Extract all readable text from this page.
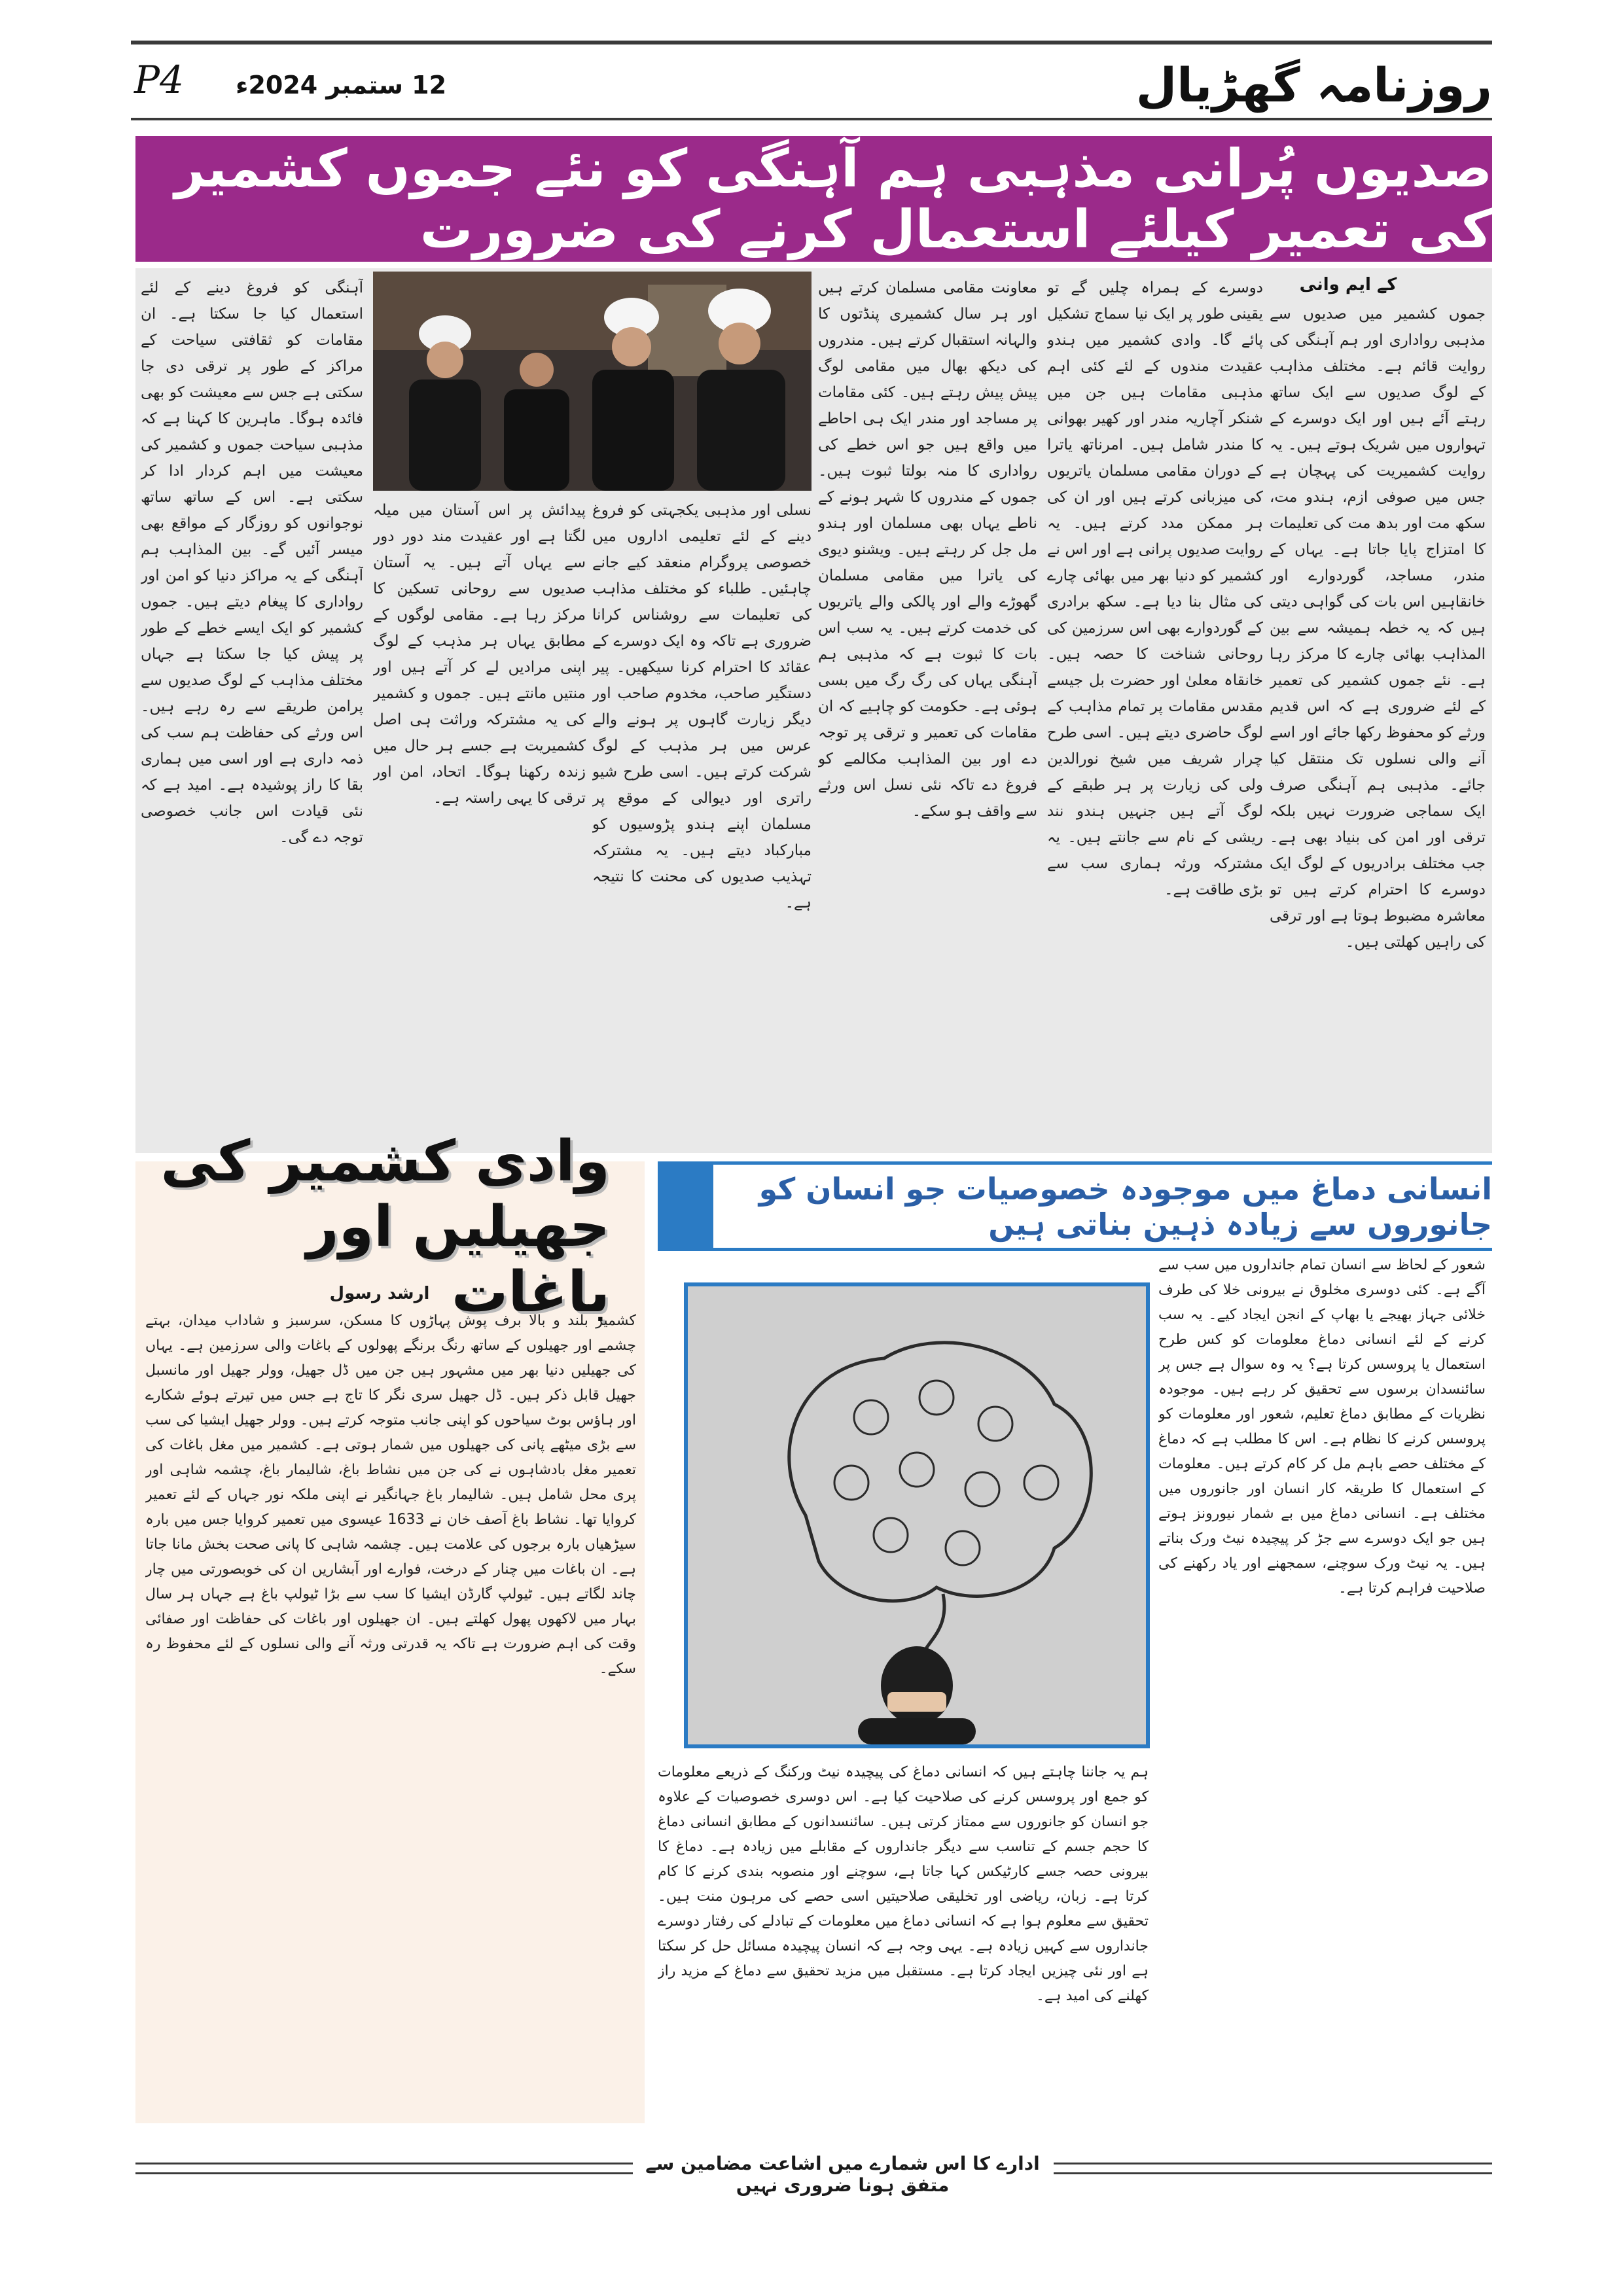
P4 12 ستمبر 2024ء	روزنامہ گھڑیال
صدیوں پُرانی مذہبی ہم آہنگی کو نئے جموں کشمیر کی تعمیر کیلئے استعمال کرنے کی ضرورت
کے ایم وانی
جموں کشمیر میں صدیوں سے مذہبی رواداری اور ہم آہنگی کی روایت قائم ہے۔ مختلف مذاہب کے لوگ صدیوں سے ایک ساتھ رہتے آئے ہیں اور ایک دوسرے کے تہواروں میں شریک ہوتے ہیں۔ یہ روایت کشمیریت کی پہچان ہے جس میں صوفی ازم، ہندو مت، سکھ مت اور بدھ مت کی تعلیمات کا امتزاج پایا جاتا ہے۔ یہاں کے مندر، مساجد، گوردوارے اور خانقاہیں اس بات کی گواہی دیتی ہیں کہ یہ خطہ ہمیشہ سے بین المذاہب بھائی چارے کا مرکز رہا ہے۔ نئے جموں کشمیر کی تعمیر کے لئے ضروری ہے کہ اس قدیم ورثے کو محفوظ رکھا جائے اور اسے آنے والی نسلوں تک منتقل کیا جائے۔ مذہبی ہم آہنگی صرف ایک سماجی ضرورت نہیں بلکہ ترقی اور امن کی بنیاد بھی ہے۔ جب مختلف برادریوں کے لوگ ایک دوسرے کا احترام کرتے ہیں تو معاشرہ مضبوط ہوتا ہے اور ترقی کی راہیں کھلتی ہیں۔
دوسرے کے ہمراہ چلیں گے تو یقینی طور پر ایک نیا سماج تشکیل پائے گا۔ وادی کشمیر میں ہندو عقیدت مندوں کے لئے کئی اہم مذہبی مقامات ہیں جن میں شنکر آچاریہ مندر اور کھیر بھوانی کا مندر شامل ہیں۔ امرناتھ یاترا کے دوران مقامی مسلمان یاتریوں کی میزبانی کرتے ہیں اور ان کی ہر ممکن مدد کرتے ہیں۔ یہ روایت صدیوں پرانی ہے اور اس نے کشمیر کو دنیا بھر میں بھائی چارے کی مثال بنا دیا ہے۔ سکھ برادری کے گوردوارے بھی اس سرزمین کی روحانی شناخت کا حصہ ہیں۔ خانقاہ معلیٰ اور حضرت بل جیسے مقدس مقامات پر تمام مذاہب کے لوگ حاضری دیتے ہیں۔ اسی طرح چرار شریف میں شیخ نورالدین ولی کی زیارت پر ہر طبقے کے لوگ آتے ہیں جنہیں ہندو نند ریشی کے نام سے جانتے ہیں۔ یہ مشترکہ ورثہ ہماری سب سے بڑی طاقت ہے۔
معاونت مقامی مسلمان کرتے ہیں اور ہر سال کشمیری پنڈتوں کا والہانہ استقبال کرتے ہیں۔ مندروں کی دیکھ بھال میں مقامی لوگ پیش پیش رہتے ہیں۔ کئی مقامات پر مساجد اور مندر ایک ہی احاطے میں واقع ہیں جو اس خطے کی رواداری کا منہ بولتا ثبوت ہیں۔ جموں کے مندروں کا شہر ہونے کے ناطے یہاں بھی مسلمان اور ہندو مل جل کر رہتے ہیں۔ ویشنو دیوی کی یاترا میں مقامی مسلمان گھوڑے والے اور پالکی والے یاتریوں کی خدمت کرتے ہیں۔ یہ سب اس بات کا ثبوت ہے کہ مذہبی ہم آہنگی یہاں کی رگ رگ میں بسی ہوئی ہے۔ حکومت کو چاہیے کہ ان مقامات کی تعمیر و ترقی پر توجہ دے اور بین المذاہب مکالمے کو فروغ دے تاکہ نئی نسل اس ورثے سے واقف ہو سکے۔
نسلی اور مذہبی یکجہتی کو فروغ دینے کے لئے تعلیمی اداروں میں خصوصی پروگرام منعقد کیے جانے چاہئیں۔ طلباء کو مختلف مذاہب کی تعلیمات سے روشناس کرانا ضروری ہے تاکہ وہ ایک دوسرے کے عقائد کا احترام کرنا سیکھیں۔ پیر دستگیر صاحب، مخدوم صاحب اور دیگر زیارت گاہوں پر ہونے والے عرس میں ہر مذہب کے لوگ شرکت کرتے ہیں۔ اسی طرح شیو راتری اور دیوالی کے موقع پر مسلمان اپنے ہندو پڑوسیوں کو مبارکباد دیتے ہیں۔ یہ مشترکہ تہذیب صدیوں کی محنت کا نتیجہ ہے۔
پیدائش پر اس آستان میں میلہ لگتا ہے اور عقیدت مند دور دور سے یہاں آتے ہیں۔ یہ آستان صدیوں سے روحانی تسکین کا مرکز رہا ہے۔ مقامی لوگوں کے مطابق یہاں ہر مذہب کے لوگ اپنی مرادیں لے کر آتے ہیں اور منتیں مانتے ہیں۔ جموں و کشمیر کی یہ مشترکہ وراثت ہی اصل کشمیریت ہے جسے ہر حال میں زندہ رکھنا ہوگا۔ اتحاد، امن اور ترقی کا یہی راستہ ہے۔
آہنگی کو فروغ دینے کے لئے استعمال کیا جا سکتا ہے۔ ان مقامات کو ثقافتی سیاحت کے مراکز کے طور پر ترقی دی جا سکتی ہے جس سے معیشت کو بھی فائدہ ہوگا۔ ماہرین کا کہنا ہے کہ مذہبی سیاحت جموں و کشمیر کی معیشت میں اہم کردار ادا کر سکتی ہے۔ اس کے ساتھ ساتھ نوجوانوں کو روزگار کے مواقع بھی میسر آئیں گے۔ بین المذاہب ہم آہنگی کے یہ مراکز دنیا کو امن اور رواداری کا پیغام دیتے ہیں۔ جموں کشمیر کو ایک ایسے خطے کے طور پر پیش کیا جا سکتا ہے جہاں مختلف مذاہب کے لوگ صدیوں سے پرامن طریقے سے رہ رہے ہیں۔ اس ورثے کی حفاظت ہم سب کی ذمہ داری ہے اور اسی میں ہماری بقا کا راز پوشیدہ ہے۔ امید ہے کہ نئی قیادت اس جانب خصوصی توجہ دے گی۔
وادی کشمیر کی جھیلیں اور باغات
ارشد رسول
کشمیر بلند و بالا برف پوش پہاڑوں کا مسکن، سرسبز و شاداب میدان، بہتے چشمے اور جھیلوں کے ساتھ رنگ برنگے پھولوں کے باغات والی سرزمین ہے۔ یہاں کی جھیلیں دنیا بھر میں مشہور ہیں جن میں ڈل جھیل، وولر جھیل اور مانسبل جھیل قابل ذکر ہیں۔ ڈل جھیل سری نگر کا تاج ہے جس میں تیرتے ہوئے شکارے اور ہاؤس بوٹ سیاحوں کو اپنی جانب متوجہ کرتے ہیں۔ وولر جھیل ایشیا کی سب سے بڑی میٹھے پانی کی جھیلوں میں شمار ہوتی ہے۔ کشمیر میں مغل باغات کی تعمیر مغل بادشاہوں نے کی جن میں نشاط باغ، شالیمار باغ، چشمہ شاہی اور پری محل شامل ہیں۔ شالیمار باغ جہانگیر نے اپنی ملکہ نور جہاں کے لئے تعمیر کروایا تھا۔ نشاط باغ آصف خان نے 1633 عیسوی میں تعمیر کروایا جس میں بارہ سیڑھیاں بارہ برجوں کی علامت ہیں۔ چشمہ شاہی کا پانی صحت بخش مانا جاتا ہے۔ ان باغات میں چنار کے درخت، فوارے اور آبشاریں ان کی خوبصورتی میں چار چاند لگاتے ہیں۔ ٹیولپ گارڈن ایشیا کا سب سے بڑا ٹیولپ باغ ہے جہاں ہر سال بہار میں لاکھوں پھول کھلتے ہیں۔ ان جھیلوں اور باغات کی حفاظت اور صفائی وقت کی اہم ضرورت ہے تاکہ یہ قدرتی ورثہ آنے والی نسلوں کے لئے محفوظ رہ سکے۔
انسانی دماغ میں موجودہ خصوصیات جو انسان کو جانوروں سے زیادہ ذہین بناتی ہیں
شعور کے لحاظ سے انسان تمام جانداروں میں سب سے آگے ہے۔ کئی دوسری مخلوق نے بیرونی خلا کی طرف خلائی جہاز بھیجے یا بھاپ کے انجن ایجاد کیے۔ یہ سب کرنے کے لئے انسانی دماغ معلومات کو کس طرح استعمال یا پروسس کرتا ہے؟ یہ وہ سوال ہے جس پر سائنسدان برسوں سے تحقیق کر رہے ہیں۔ موجودہ نظریات کے مطابق دماغ تعلیم، شعور اور معلومات کو پروسس کرنے کا نظام ہے۔ اس کا مطلب ہے کہ دماغ کے مختلف حصے باہم مل کر کام کرتے ہیں۔ معلومات کے استعمال کا طریقہ کار انسان اور جانوروں میں مختلف ہے۔ انسانی دماغ میں بے شمار نیورونز ہوتے ہیں جو ایک دوسرے سے جڑ کر پیچیدہ نیٹ ورک بناتے ہیں۔ یہ نیٹ ورک سوچنے، سمجھنے اور یاد رکھنے کی صلاحیت فراہم کرتا ہے۔
ہم یہ جاننا چاہتے ہیں کہ انسانی دماغ کی پیچیدہ نیٹ ورکنگ کے ذریعے معلومات کو جمع اور پروسس کرنے کی صلاحیت کیا ہے۔ اس دوسری خصوصیات کے علاوہ جو انسان کو جانوروں سے ممتاز کرتی ہیں۔ سائنسدانوں کے مطابق انسانی دماغ کا حجم جسم کے تناسب سے دیگر جانداروں کے مقابلے میں زیادہ ہے۔ دماغ کا بیرونی حصہ جسے کارٹیکس کہا جاتا ہے، سوچنے اور منصوبہ بندی کرنے کا کام کرتا ہے۔ زبان، ریاضی اور تخلیقی صلاحیتیں اسی حصے کی مرہون منت ہیں۔ تحقیق سے معلوم ہوا ہے کہ انسانی دماغ میں معلومات کے تبادلے کی رفتار دوسرے جانداروں سے کہیں زیادہ ہے۔ یہی وجہ ہے کہ انسان پیچیدہ مسائل حل کر سکتا ہے اور نئی چیزیں ایجاد کرتا ہے۔ مستقبل میں مزید تحقیق سے دماغ کے مزید راز کھلنے کی امید ہے۔
ادارے کا اس شمارے میں اشاعت مضامین سے متفق ہونا ضروری نہیں
